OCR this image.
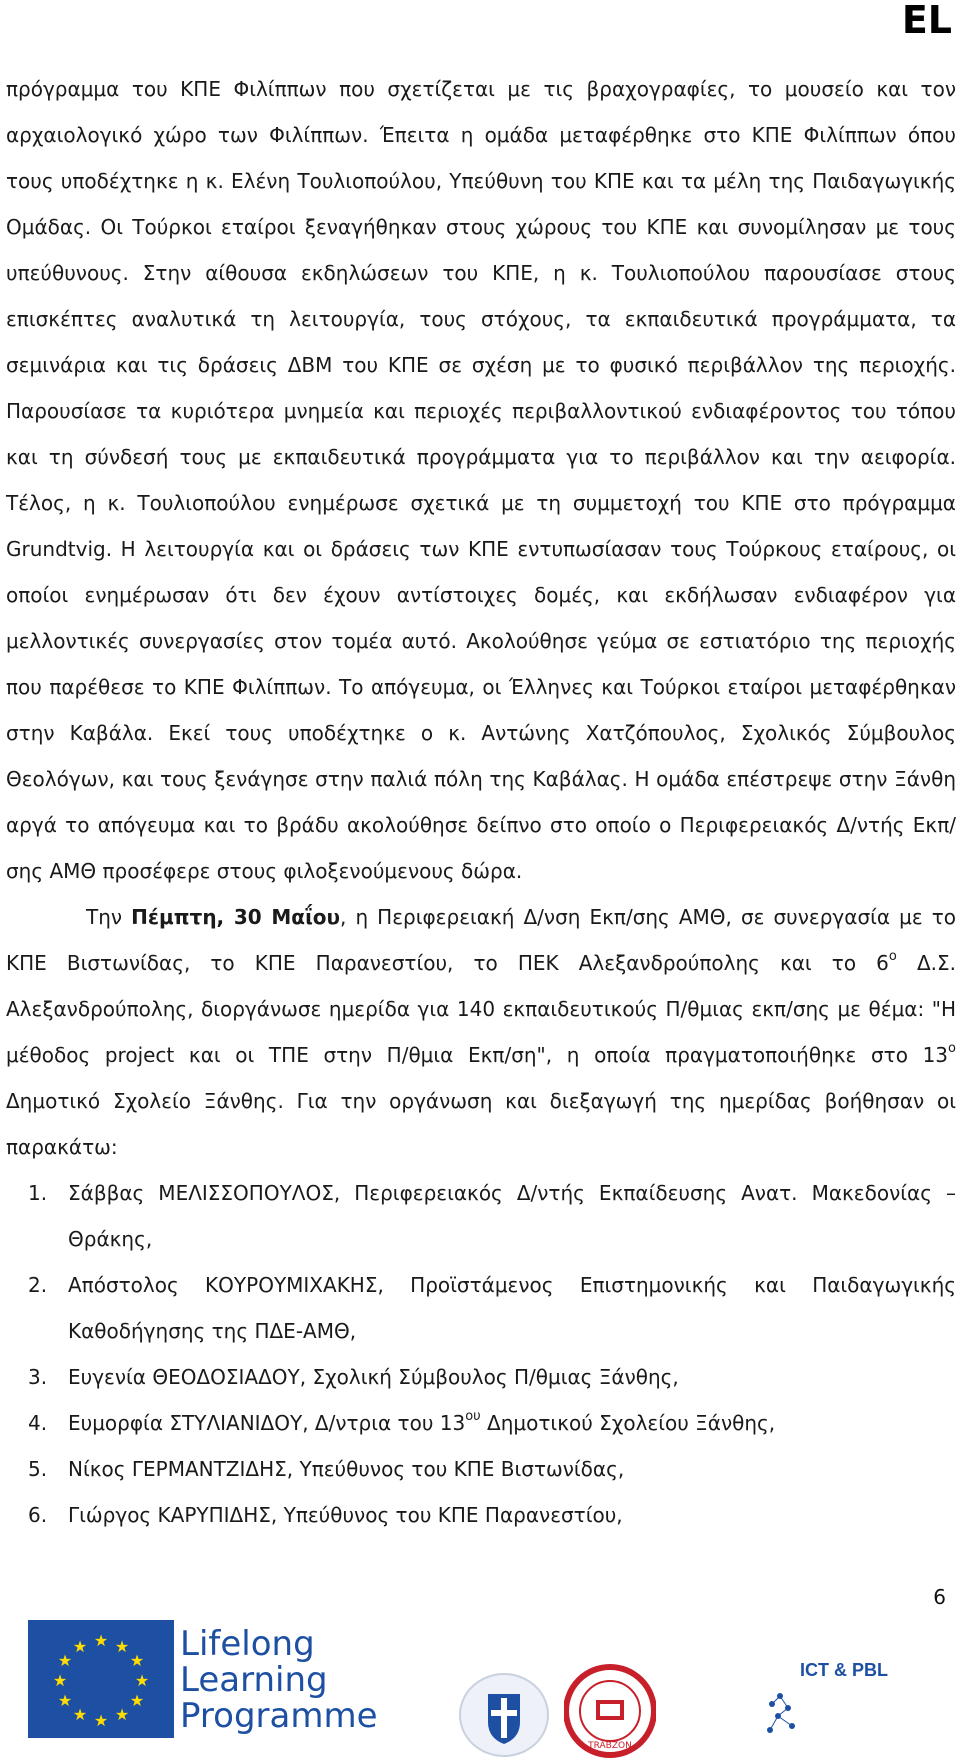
EL

πρόγραμμα του ΚΠΕ Φιλίππων που σχετίζεται με τις βραχογραφίες, το μουσείο και τον αρχαιολογικό χώρο των Φιλίππων. Έπειτα η ομάδα μεταφέρθηκε στο ΚΠΕ Φιλίππων όπου τους υποδέχτηκε η κ. Ελένη Τουλιοπούλου, Υπεύθυνη του ΚΠΕ και τα μέλη της Παιδαγωγικής Ομάδας. Οι Τούρκοι εταίροι ξεναγήθηκαν στους χώρους του ΚΠΕ και συνομίλησαν με τους υπεύθυνους. Στην αίθουσα εκδηλώσεων του ΚΠΕ, η κ. Τουλιοπούλου παρουσίασε στους επισκέπτες αναλυτικά τη λειτουργία, τους στόχους, τα εκπαιδευτικά προγράμματα, τα σεμινάρια και τις δράσεις ΔΒΜ του ΚΠΕ σε σχέση με το φυσικό περιβάλλον της περιοχής. Παρουσίασε τα κυριότερα μνημεία και περιοχές περιβαλλοντικού ενδιαφέροντος του τόπου και τη σύνδεσή τους με εκπαιδευτικά προγράμματα για το περιβάλλον και την αειφορία. Τέλος, η κ. Τουλιοπούλου ενημέρωσε σχετικά με τη συμμετοχή του ΚΠΕ στο πρόγραμμα Grundtvig. Η λειτουργία και οι δράσεις των ΚΠΕ εντυπωσίασαν τους Τούρκους εταίρους, οι οποίοι ενημέρωσαν ότι δεν έχουν αντίστοιχες δομές, και εκδήλωσαν ενδιαφέρον για μελλοντικές συνεργασίες στον τομέα αυτό. Ακολούθησε γεύμα σε εστιατόριο της περιοχής που παρέθεσε το ΚΠΕ Φιλίππων. Το απόγευμα, οι Έλληνες και Τούρκοι εταίροι μεταφέρθηκαν στην Καβάλα. Εκεί τους υποδέχτηκε ο κ. Αντώνης Χατζόπουλος, Σχολικός Σύμβουλος Θεολόγων, και τους ξενάγησε στην παλιά πόλη της Καβάλας. Η ομάδα επέστρεψε στην Ξάνθη αργά το απόγευμα και το βράδυ ακολούθησε δείπνο στο οποίο ο Περιφερειακός Δ/ντής Εκπ/σης ΑΜΘ προσέφερε στους φιλοξενούμενους δώρα.

Την Πέμπτη, 30 Μαΐου, η Περιφερειακή Δ/νση Εκπ/σης ΑΜΘ, σε συνεργασία με το ΚΠΕ Βιστωνίδας, το ΚΠΕ Παρανεστίου, το ΠΕΚ Αλεξανδρούπολης και το $6^o$ Δ.Σ. Αλεξανδρούπολης, διοργάνωσε ημερίδα για 140 εκπαιδευτικούς Π/θμιας εκπ/σης με θέμα: "Η μέθοδος project και οι ΤΠΕ στην Π/θμια Εκπ/ση", η οποία πραγματοποιήθηκε στο $13^o$ Δημοτικό Σχολείο Ξάνθης. Για την οργάνωση και διεξαγωγή της ημερίδας βοήθησαν οι παρακάτω:

1. Σάββας ΜΕΛΙΣΣΟΠΟΥΛΟΣ, Περιφερειακός Δ/ντής Εκπαίδευσης Ανατ. Μακεδονίας – Θράκης,
2. Απόστολος ΚΟΥΡΟΥΜΙΧΑΚΗΣ, Προϊστάμενος Επιστημονικής και Παιδαγωγικής Καθοδήγησης της ΠΔΕ-ΑΜΘ,
3. Ευγενία ΘΕΟΔΟΣΙΑΔΟΥ, Σχολική Σύμβουλος Π/θμιας Ξάνθης,
4. Ευμορφία ΣΤΥΛΙΑΝΙΔΟΥ, Δ/ντρια του $13^{o\upsilon}$ Δημοτικού Σχολείου Ξάνθης,
5. Νίκος ΓΕΡΜΑΝΤΖΙΔΗΣ, Υπεύθυνος του ΚΠΕ Βιστωνίδας,
6. Γιώργος ΚΑΡΥΠΙΔΗΣ, Υπεύθυνος του ΚΠΕ Παρανεστίου,
6
★ ★
★
★
★
★
★
★
★
★
★
★	Lifelong
Learning
Programme
TRABZON
ICT & PBL
